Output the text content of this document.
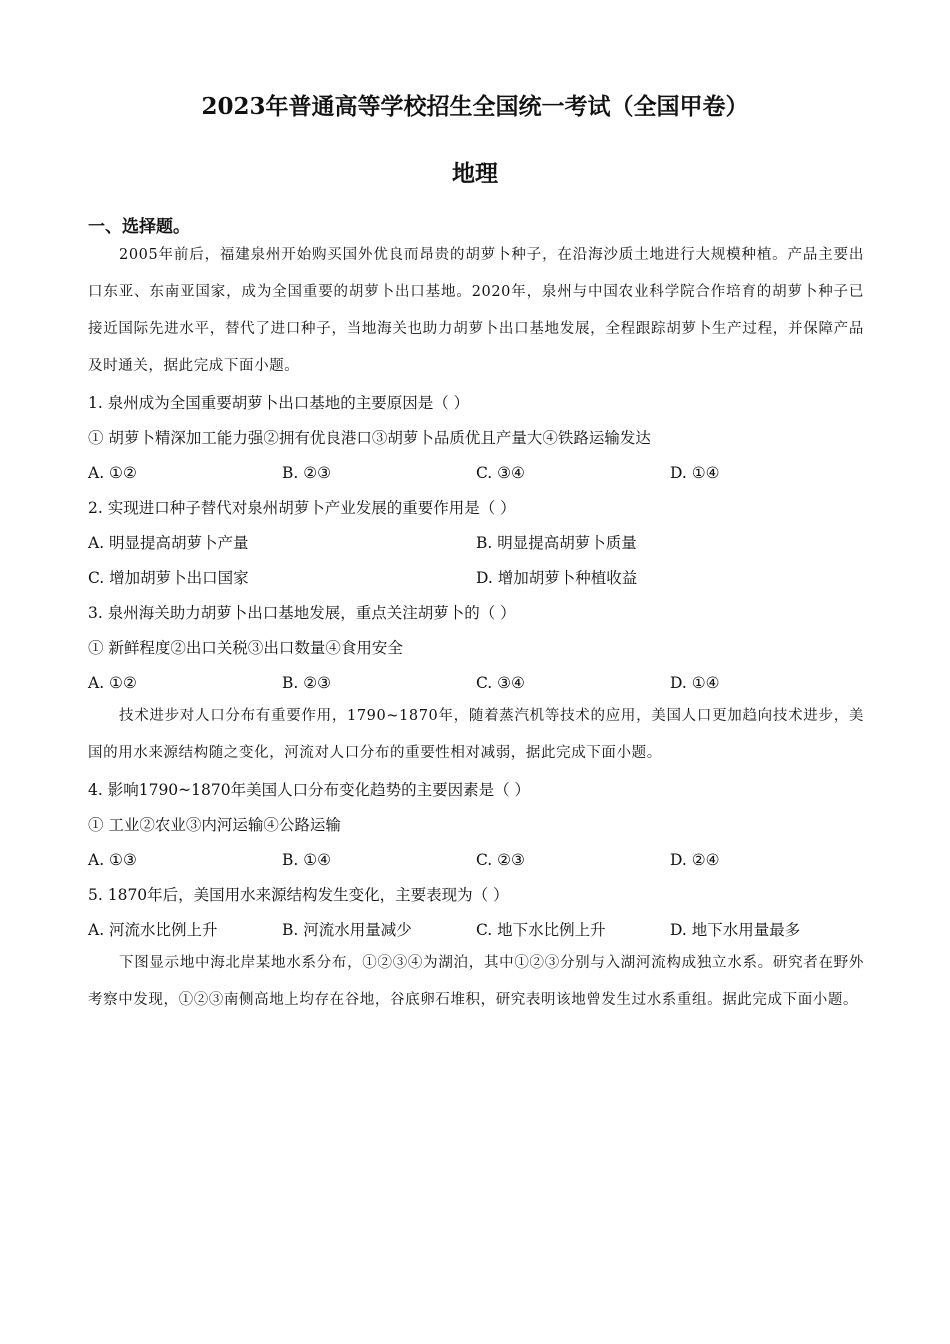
2023年普通高等学校招生全国统一考试（全国甲卷）
地理
一、选择题。
2005年前后，福建泉州开始购买国外优良而昂贵的胡萝卜种子，在沿海沙质土地进行大规模种植。产品主要出口东亚、东南亚国家，成为全国重要的胡萝卜出口基地。2020年，泉州与中国农业科学院合作培育的胡萝卜种子已接近国际先进水平，替代了进口种子，当地海关也助力胡萝卜出口基地发展，全程跟踪胡萝卜生产过程，并保障产品及时通关，据此完成下面小题。
1. 泉州成为全国重要胡萝卜出口基地的主要原因是（ ）
① 胡萝卜精深加工能力强②拥有优良港口③胡萝卜品质优且产量大④铁路运输发达
A. ①②	B. ②③	C. ③④	D. ①④
2. 实现进口种子替代对泉州胡萝卜产业发展的重要作用是（ ）
A. 明显提高胡萝卜产量	B. 明显提高胡萝卜质量
C. 增加胡萝卜出口国家	D. 增加胡萝卜种植收益
3. 泉州海关助力胡萝卜出口基地发展，重点关注胡萝卜的（ ）
① 新鲜程度②出口关税③出口数量④食用安全
A. ①②	B. ②③	C. ③④	D. ①④
技术进步对人口分布有重要作用，1790~1870年，随着蒸汽机等技术的应用，美国人口更加趋向技术进步，美国的用水来源结构随之变化，河流对人口分布的重要性相对减弱，据此完成下面小题。
4. 影响1790~1870年美国人口分布变化趋势的主要因素是（ ）
① 工业②农业③内河运输④公路运输
A. ①③	B. ①④	C. ②③	D. ②④
5. 1870年后，美国用水来源结构发生变化，主要表现为（ ）
A. 河流水比例上升	B. 河流水用量减少	C. 地下水比例上升	D. 地下水用量最多
下图显示地中海北岸某地水系分布，①②③④为湖泊，其中①②③分别与入湖河流构成独立水系。研究者在野外考察中发现，①②③南侧高地上均存在谷地，谷底卵石堆积，研究表明该地曾发生过水系重组。据此完成下面小题。
